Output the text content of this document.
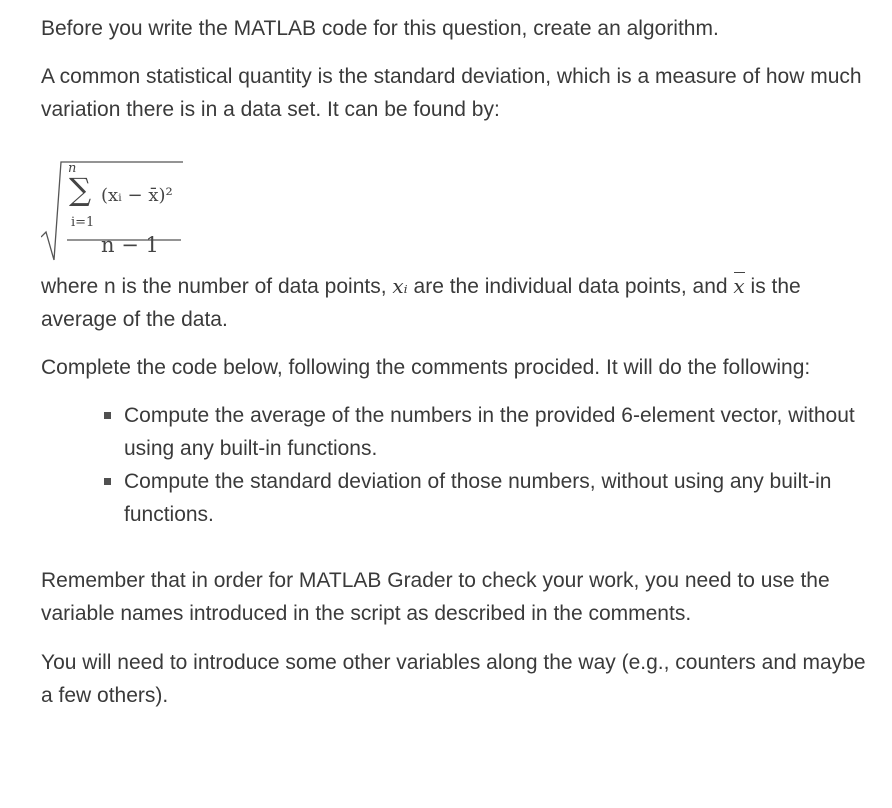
Before you write the MATLAB code for this question, create an algorithm.

A common statistical quantity is the standard deviation, which is a measure of how much variation there is in a data set. It can be found by:

n
∑ (xᵢ − x̄)²
i=1
n − 1

where n is the number of data points, xᵢ are the individual data points, and x is the average of the data.

Complete the code below, following the comments procided. It will do the following:

Compute the average of the numbers in the provided 6-element vector, without using any built-in functions.
Compute the standard deviation of those numbers, without using any built-in functions.

Remember that in order for MATLAB Grader to check your work, you need to use the variable names introduced in the script as described in the comments.

You will need to introduce some other variables along the way (e.g., counters and maybe a few others).
